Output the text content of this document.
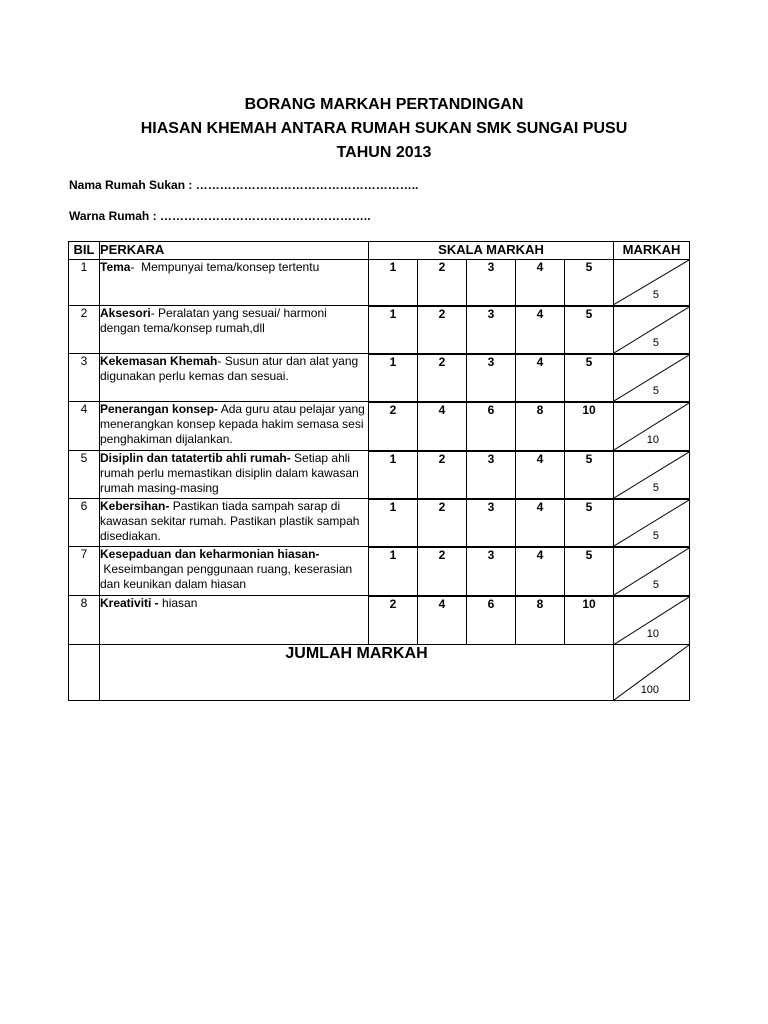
BORANG MARKAH PERTANDINGAN
HIASAN KHEMAH ANTARA RUMAH SUKAN SMK SUNGAI PUSU
TAHUN 2013
Nama Rumah Sukan : ………………………………………………..
Warna Rumah : ……………………………………………..
BIL	PERKARA	SKALA MARKAH					MARKAH
1	Tema-  Mempunyai tema/konsep tertentu	1	2	3	4	5	5

2	Aksesori- Peralatan yang sesuai/ harmoni dengan tema/konsep rumah,dll	1	2	3	4	5	5

3	Kekemasan Khemah- Susun atur dan alat yang digunakan perlu kemas dan sesuai.	1	2	3	4	5	5

4	Penerangan konsep- Ada guru atau pelajar yang menerangkan konsep kepada hakim semasa sesi penghakiman dijalankan.	2	4	6	8	10	10

5	Disiplin dan tatatertib ahli rumah- Setiap ahli rumah perlu memastikan disiplin dalam kawasan rumah masing-masing	1	2	3	4	5	5

6	Kebersihan- Pastikan tiada sampah sarap di kawasan sekitar rumah. Pastikan plastik sampah disediakan.	1	2	3	4	5	5

7	Kesepaduan dan keharmonian hiasan- Keseimbangan penggunaan ruang, keserasian dan keunikan dalam hiasan	1	2	3	4	5	5

8	Kreativiti - hiasan	2	4	6	8	10	10

	JUMLAH MARKAH						100
